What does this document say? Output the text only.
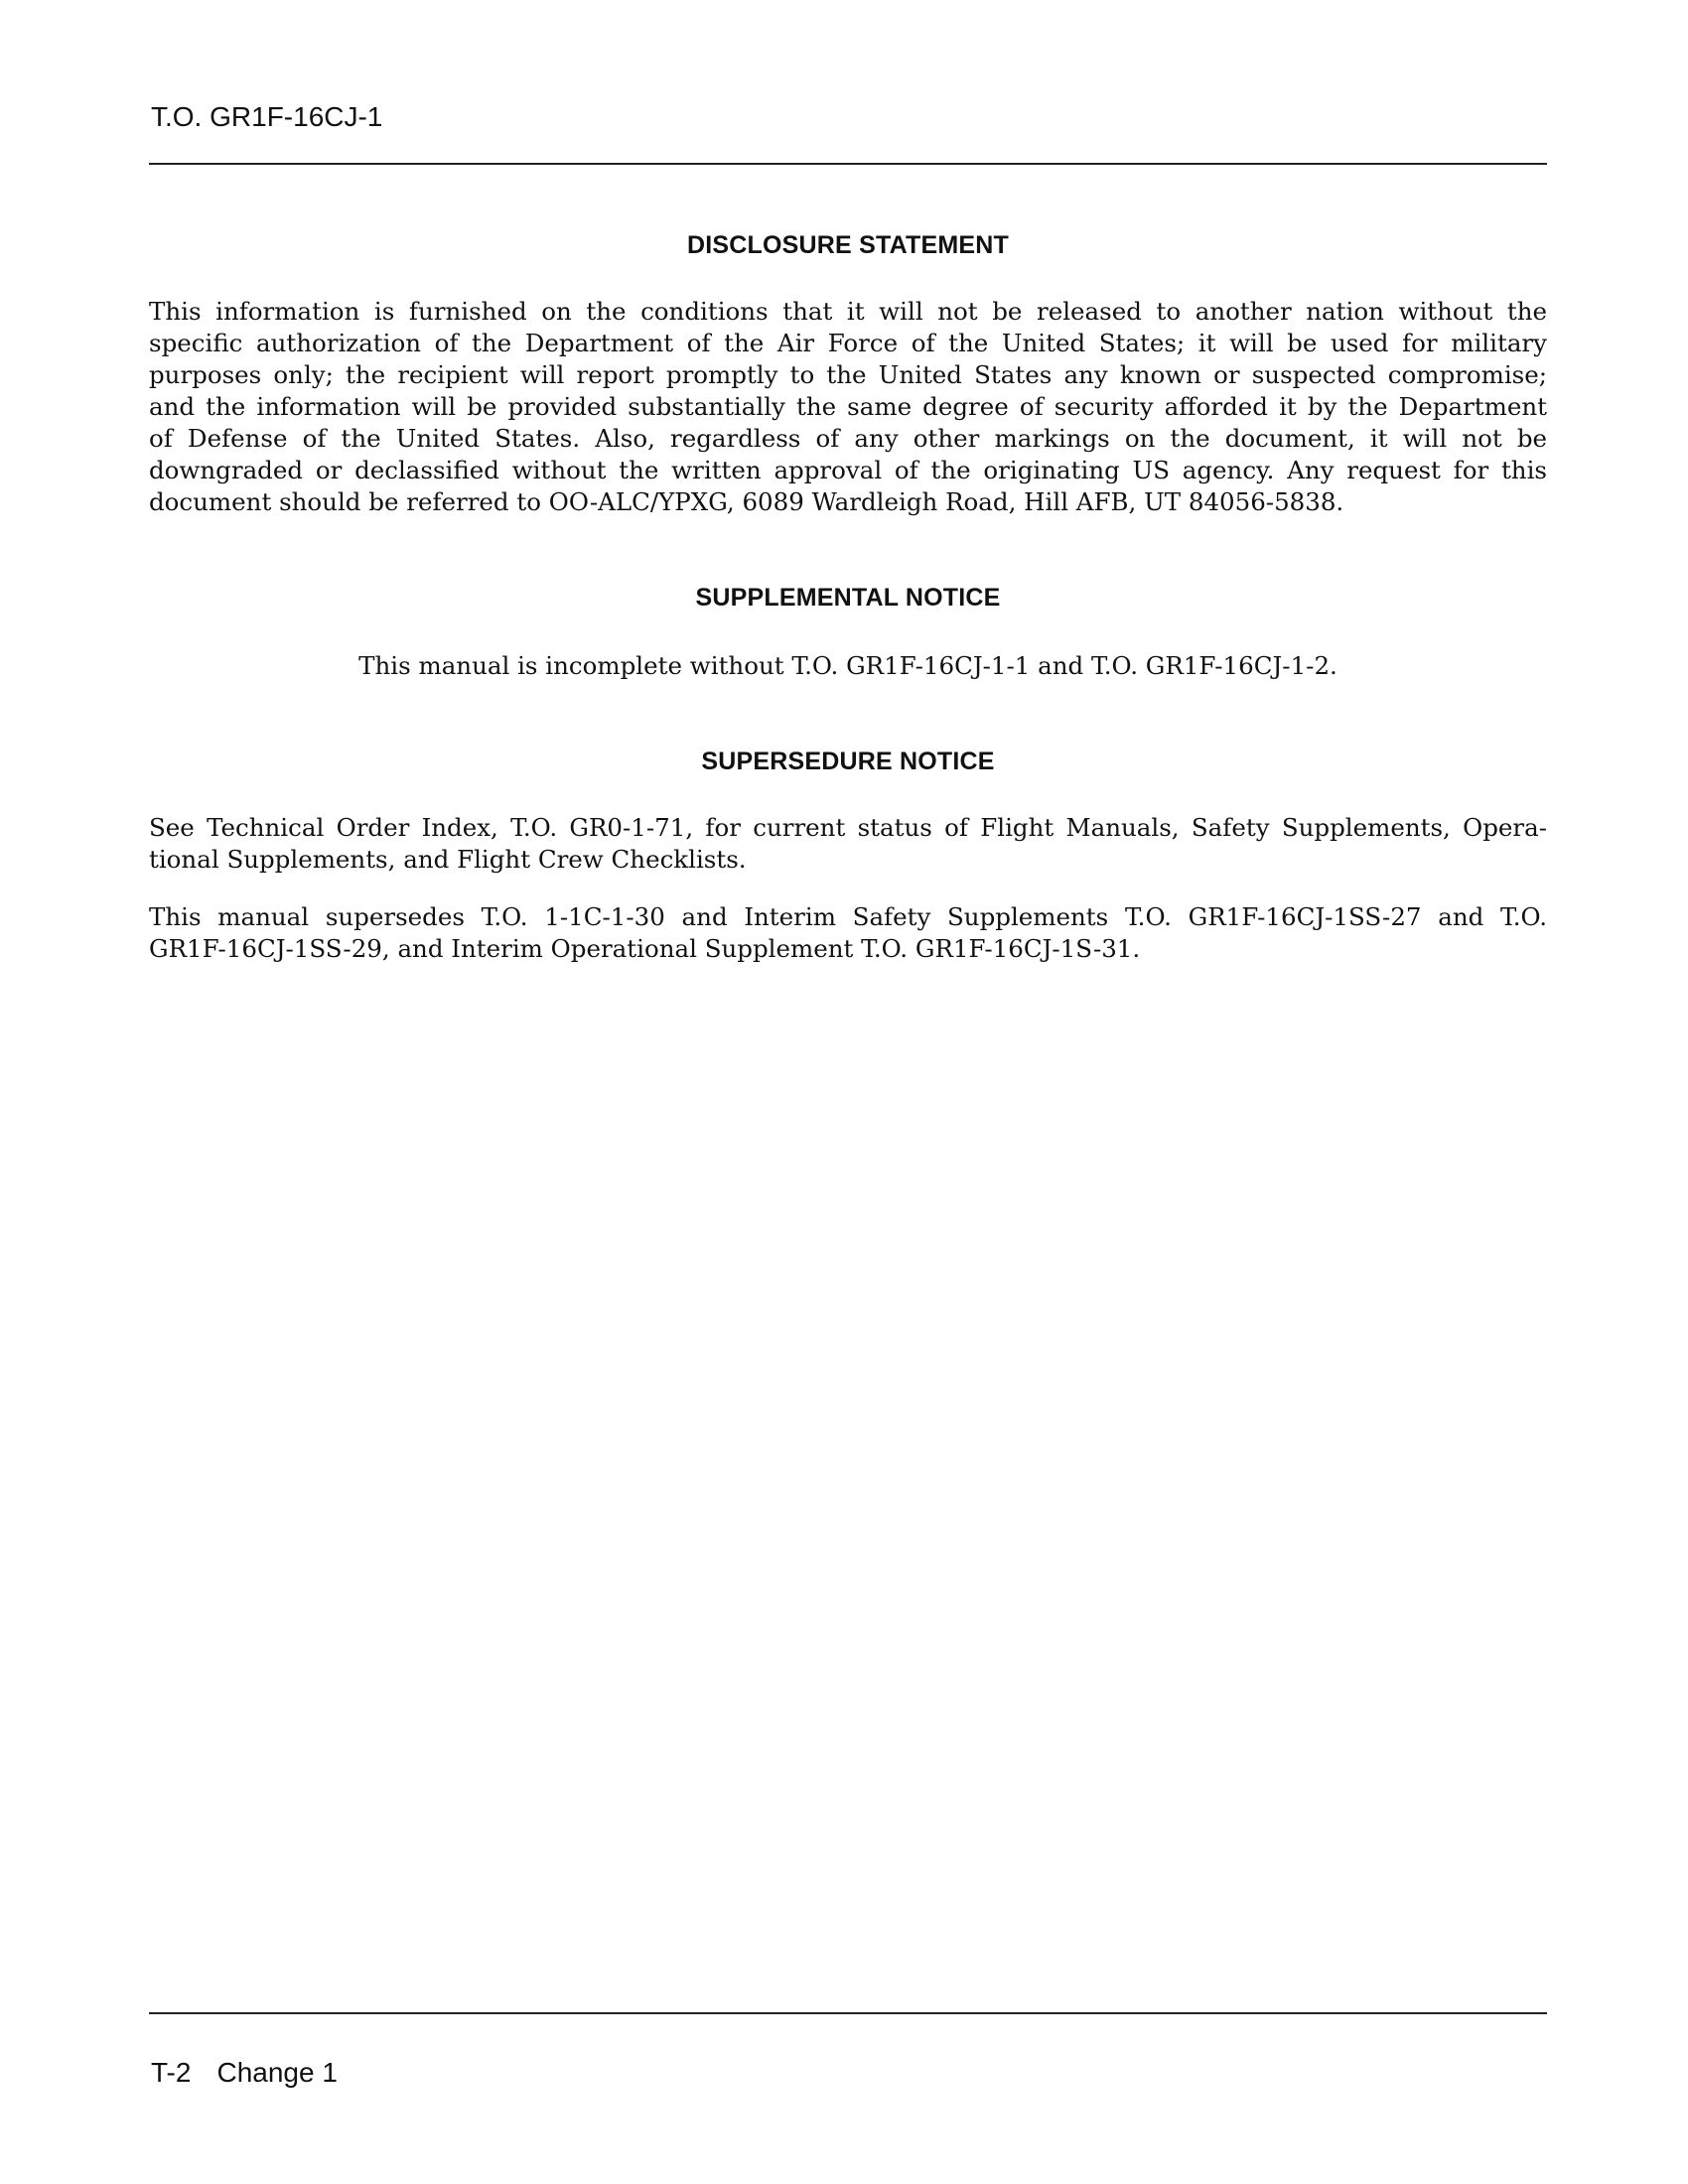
T.O. GR1F-16CJ-1
DISCLOSURE STATEMENT
This information is furnished on the conditions that it will not be released to another nation without the
specific authorization of the Department of the Air Force of the United States; it will be used for military
purposes only; the recipient will report promptly to the United States any known or suspected compromise;
and the information will be provided substantially the same degree of security afforded it by the Department
of Defense of the United States. Also, regardless of any other markings on the document, it will not be
downgraded or declassified without the written approval of the originating US agency. Any request for this
document should be referred to OO-ALC/YPXG, 6089 Wardleigh Road, Hill AFB, UT 84056-5838.
SUPPLEMENTAL NOTICE
This manual is incomplete without T.O. GR1F-16CJ-1-1 and T.O. GR1F-16CJ-1-2.
SUPERSEDURE NOTICE
See Technical Order Index, T.O. GR0-1-71, for current status of Flight Manuals, Safety Supplements, Opera-
tional Supplements, and Flight Crew Checklists.
This manual supersedes T.O. 1-1C-1-30 and Interim Safety Supplements T.O. GR1F-16CJ-1SS-27 and T.O.
GR1F-16CJ-1SS-29, and Interim Operational Supplement T.O. GR1F-16CJ-1S-31.
T-2 Change 1
